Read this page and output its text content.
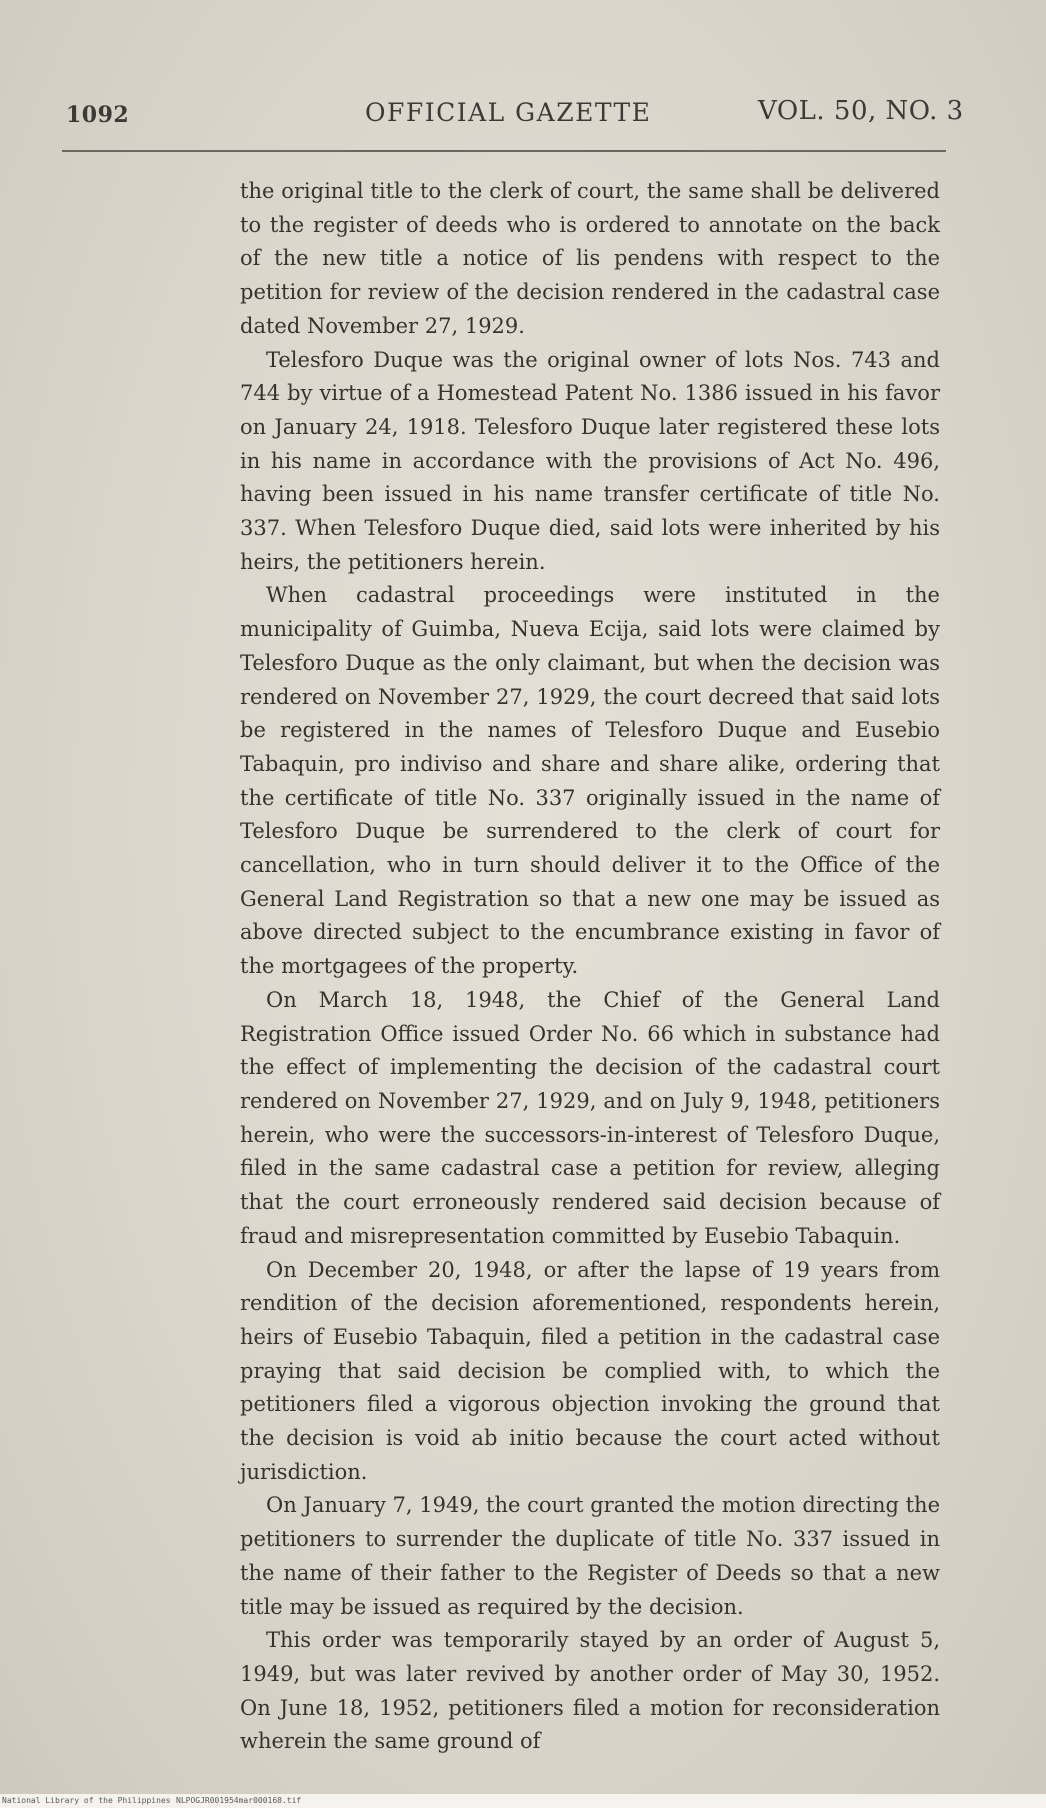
1092	OFFICIAL GAZETTE	VOL. 50, NO. 3

the original title to the clerk of court, the same shall be delivered to the register of deeds who is ordered to annotate on the back of the new title a notice of lis pendens with respect to the petition for review of the decision rendered in the cadastral case dated November 27, 1929.

Telesforo Duque was the original owner of lots Nos. 743 and 744 by virtue of a Homestead Patent No. 1386 issued in his favor on January 24, 1918. Telesforo Duque later registered these lots in his name in accordance with the provisions of Act No. 496, having been issued in his name transfer certificate of title No. 337. When Telesforo Duque died, said lots were inherited by his heirs, the petitioners herein.

When cadastral proceedings were instituted in the municipality of Guimba, Nueva Ecija, said lots were claimed by Telesforo Duque as the only claimant, but when the decision was rendered on November 27, 1929, the court decreed that said lots be registered in the names of Telesforo Duque and Eusebio Tabaquin, pro indiviso and share and share alike, ordering that the certificate of title No. 337 originally issued in the name of Telesforo Duque be surrendered to the clerk of court for cancellation, who in turn should deliver it to the Office of the General Land Registration so that a new one may be issued as above directed subject to the encumbrance existing in favor of the mortgagees of the property.

On March 18, 1948, the Chief of the General Land Registration Office issued Order No. 66 which in substance had the effect of implementing the decision of the cadastral court rendered on November 27, 1929, and on July 9, 1948, petitioners herein, who were the successors-in-interest of Telesforo Duque, filed in the same cadastral case a petition for review, alleging that the court erroneously rendered said decision because of fraud and misrepresentation committed by Eusebio Tabaquin.

On December 20, 1948, or after the lapse of 19 years from rendition of the decision aforementioned, respondents herein, heirs of Eusebio Tabaquin, filed a petition in the cadastral case praying that said decision be complied with, to which the petitioners filed a vigorous objection invoking the ground that the decision is void ab initio because the court acted without jurisdiction.

On January 7, 1949, the court granted the motion directing the petitioners to surrender the duplicate of title No. 337 issued in the name of their father to the Register of Deeds so that a new title may be issued as required by the decision.

This order was temporarily stayed by an order of August 5, 1949, but was later revived by another order of May 30, 1952. On June 18, 1952, petitioners filed a motion for reconsideration wherein the same ground of

National Library of the Philippines NLPOGJR001954mar000168.tif
